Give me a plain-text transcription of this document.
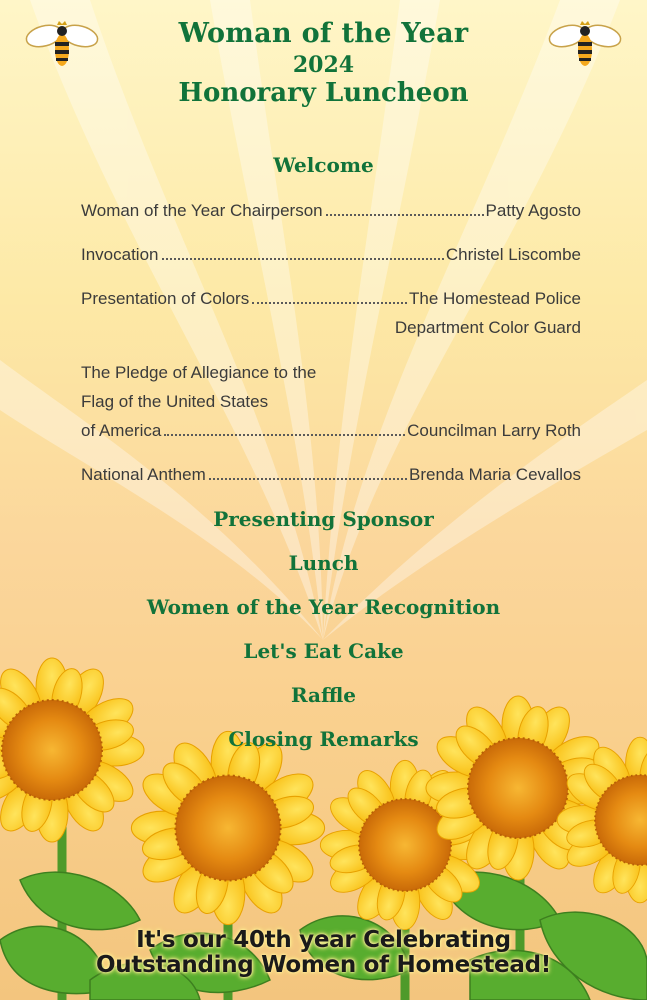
Woman of the Year
2024
Honorary Luncheon
Welcome
Woman of the Year Chairperson	Patty Agosto
Invocation	Christel Liscombe
Presentation of Colors	The Homestead Police
Department Color Guard
The Pledge of Allegiance to the
Flag of the United States
of America	Councilman Larry Roth
National Anthem	Brenda Maria Cevallos
Presenting Sponsor
Lunch
Women of the Year Recognition
Let's Eat Cake
Raffle
Closing Remarks
It's our 40th year Celebrating
Outstanding Women of Homestead!
